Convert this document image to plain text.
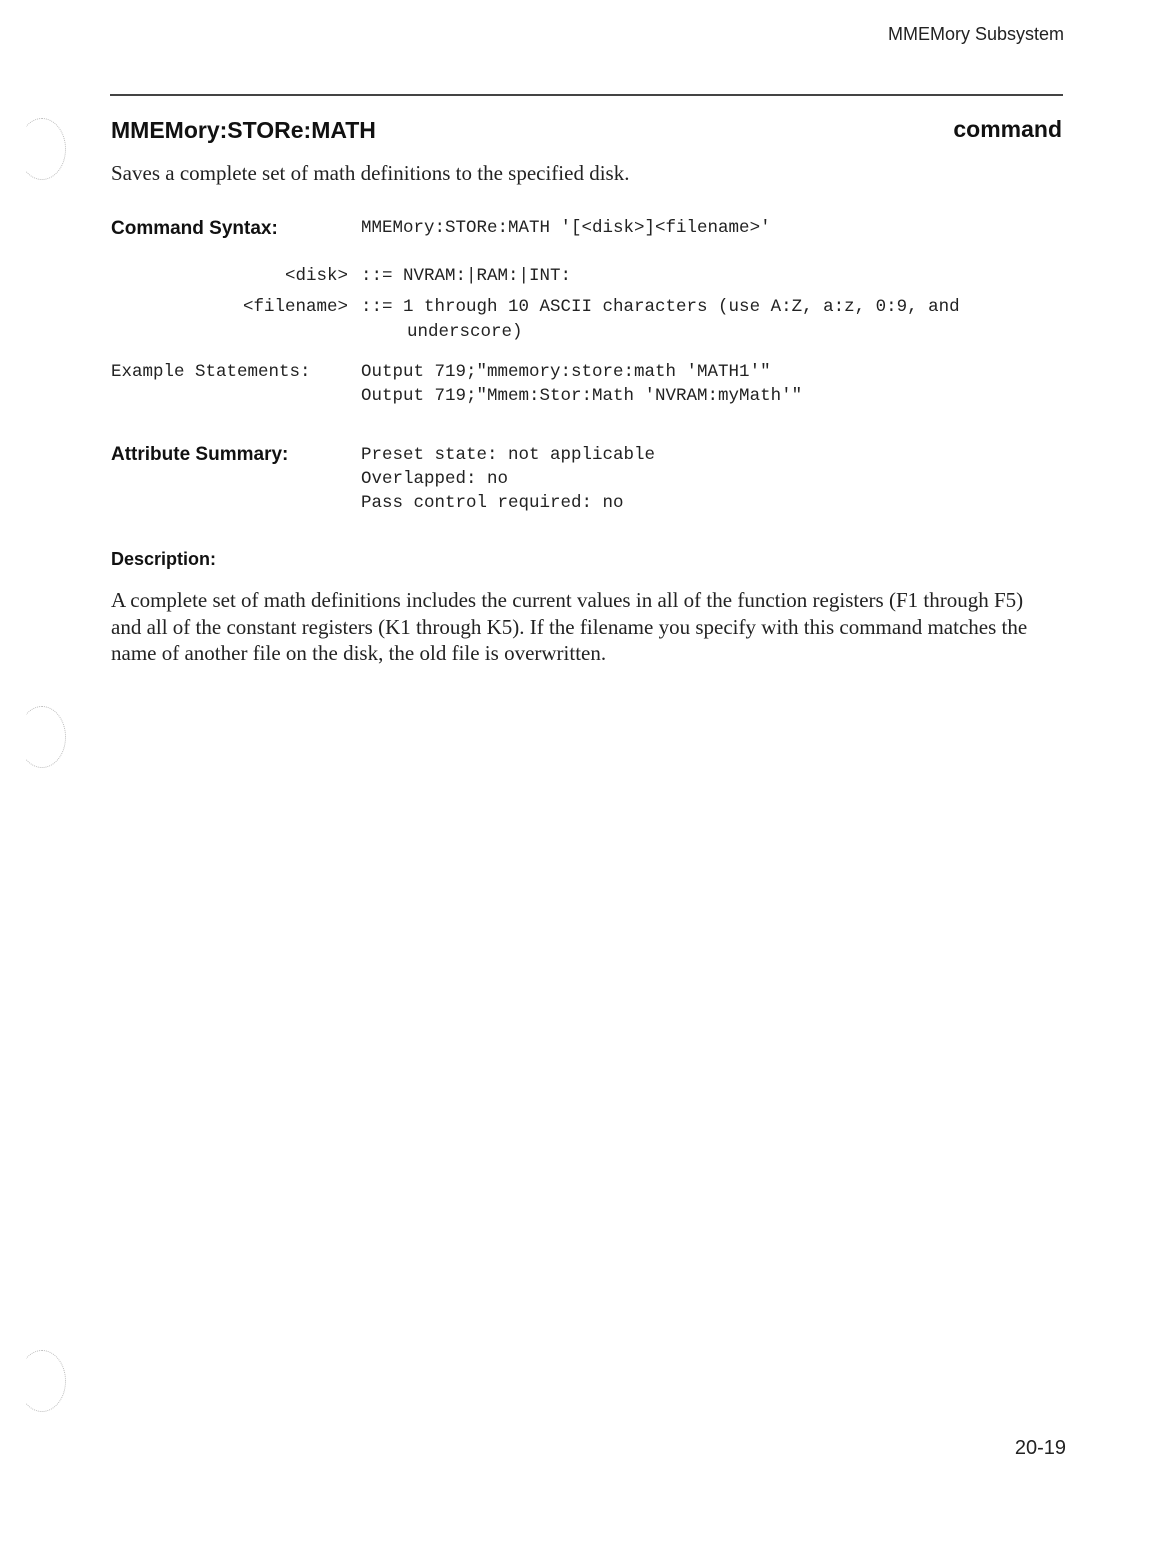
MMEMory Subsystem
MMEMory:STORe:MATH	command
Saves a complete set of math definitions to the specified disk.
Command Syntax:	MMEMory:STORe:MATH '[<disk>]<filename>'
<disk> ::= NVRAM:|RAM:|INT:
<filename> ::= 1 through 10 ASCII characters (use A:Z, a:z, 0:9, and
underscore)
Example Statements:	Output 719;"mmemory:store:math 'MATH1'"
Output 719;"Mmem:Stor:Math 'NVRAM:myMath'"
Attribute Summary:	Preset state: not applicable
Overlapped: no
Pass control required: no
Description:
A complete set of math definitions includes the current values in all of the function registers (F1 through F5) and all of the constant registers (K1 through K5). If the filename you specify with this command matches the name of another file on the disk, the old file is overwritten.
20-19
